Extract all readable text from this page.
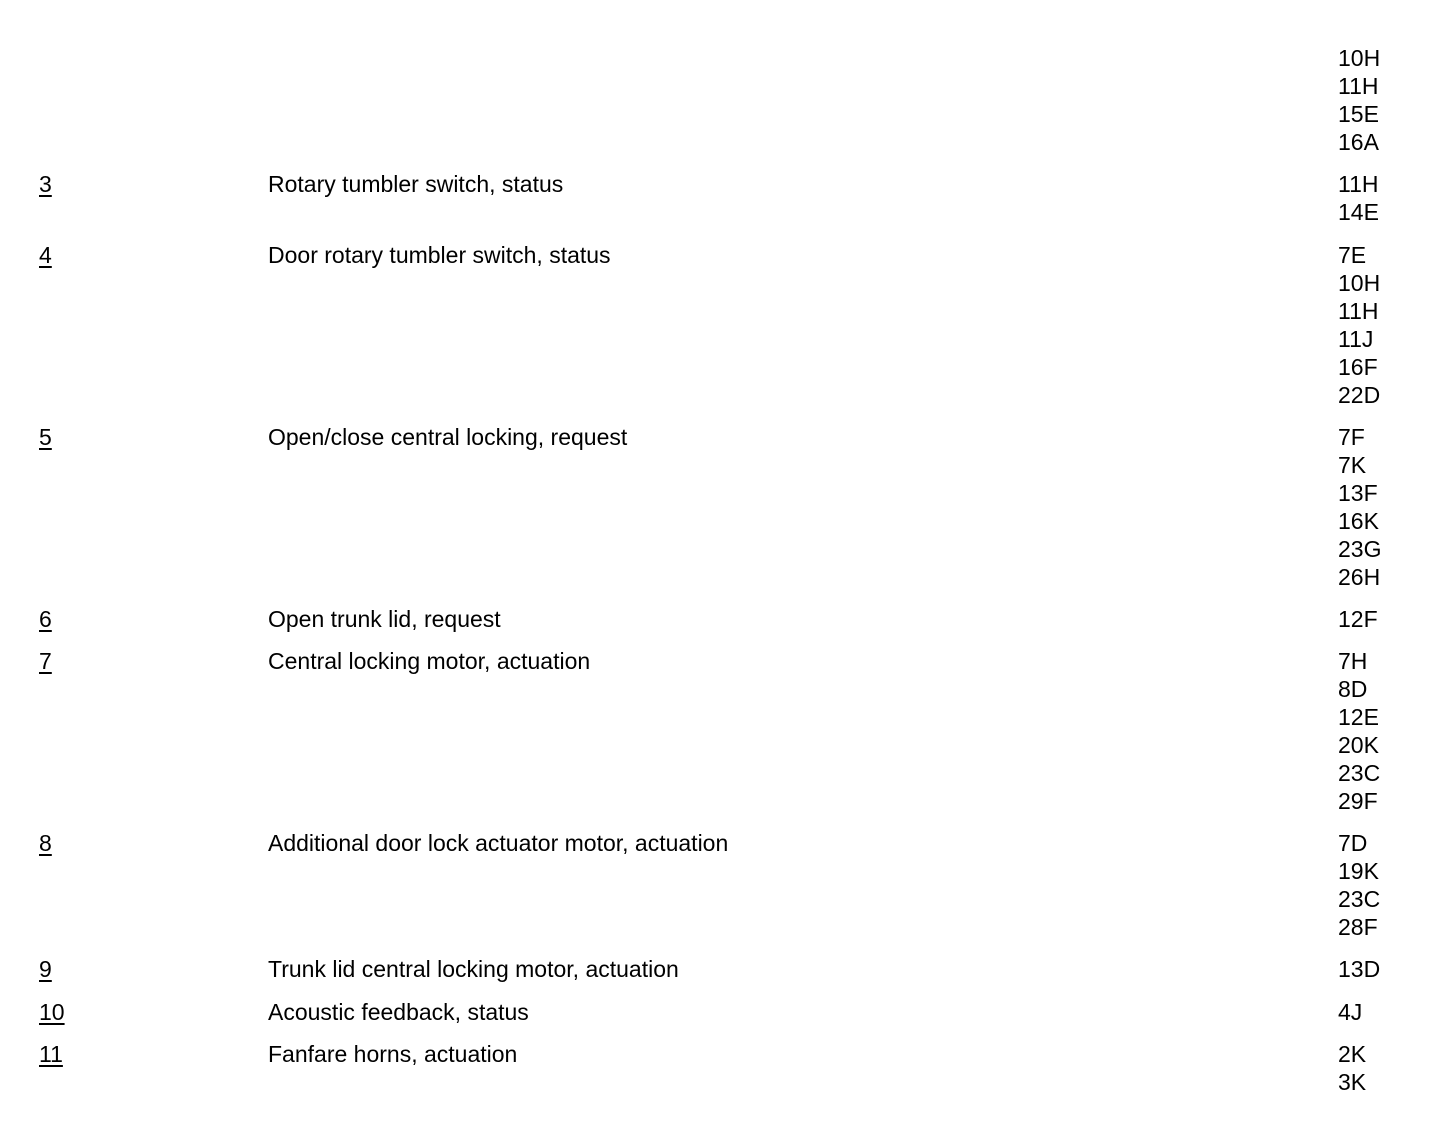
10H
11H
15E
16A
3	Rotary tumbler switch, status	11H
14E
4	Door rotary tumbler switch, status	7E
10H
11H
11J
16F
22D
5	Open/close central locking, request	7F
7K
13F
16K
23G
26H
6	Open trunk lid, request	12F
7	Central locking motor, actuation	7H
8D
12E
20K
23C
29F
8	Additional door lock actuator motor, actuation	7D
19K
23C
28F
9	Trunk lid central locking motor, actuation	13D
10	Acoustic feedback, status	4J
11	Fanfare horns, actuation	2K
3K
